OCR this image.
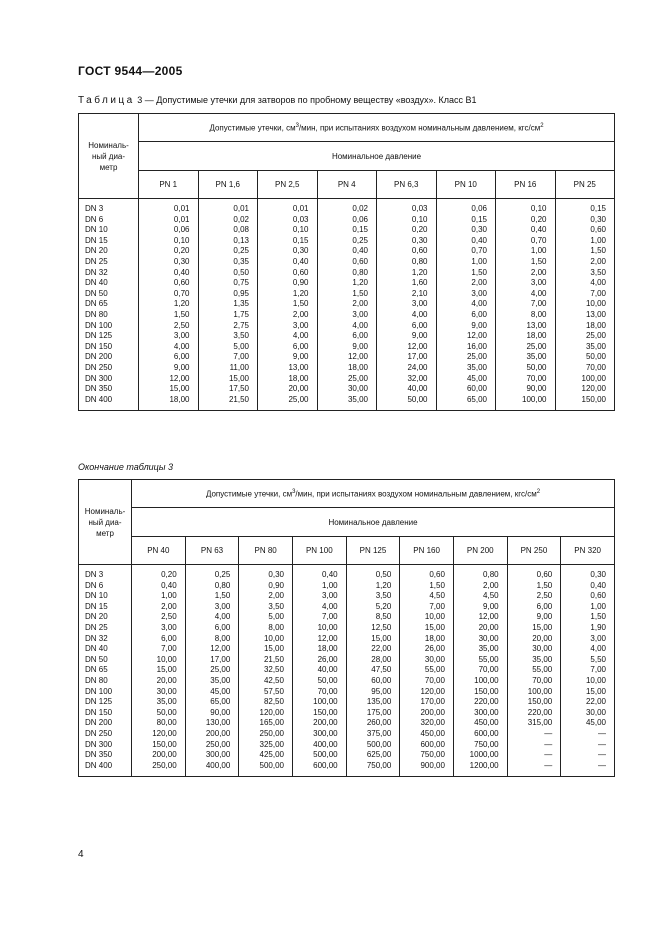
ГОСТ 9544—2005
Таблица 3 — Допустимые утечки для затворов по пробному веществу «воздух». Класс В1
Номиналь-
ный диа-
метр	Допустимые утечки, $см^3$/мин, при испытаниях воздухом номинальным давлением, кгс/$см^2$
	Номинальное давление							
	PN 1	PN 1,6	PN 2,5	PN 4	PN 6,3	PN 10	PN 16	PN 25
DN 3	0,01	0,01	0,01	0,02	0,03	0,06	0,10	0,15
DN 6	0,01	0,02	0,03	0,06	0,10	0,15	0,20	0,30
DN 10	0,06	0,08	0,10	0,15	0,20	0,30	0,40	0,60
DN 15	0,10	0,13	0,15	0,25	0,30	0,40	0,70	1,00
DN 20	0,20	0,25	0,30	0,40	0,60	0,70	1,00	1,50
DN 25	0,30	0,35	0,40	0,60	0,80	1,00	1,50	2,00
DN 32	0,40	0,50	0,60	0,80	1,20	1,50	2,00	3,50
DN 40	0,60	0,75	0,90	1,20	1,60	2,00	3,00	4,00
DN 50	0,70	0,95	1,20	1,50	2,10	3,00	4,00	7,00
DN 65	1,20	1,35	1,50	2,00	3,00	4,00	7,00	10,00
DN 80	1,50	1,75	2,00	3,00	4,00	6,00	8,00	13,00
DN 100	2,50	2,75	3,00	4,00	6,00	9,00	13,00	18,00
DN 125	3,00	3,50	4,00	6,00	9,00	12,00	18,00	25,00
DN 150	4,00	5,00	6,00	9,00	12,00	16,00	25,00	35,00
DN 200	6,00	7,00	9,00	12,00	17,00	25,00	35,00	50,00
DN 250	9,00	11,00	13,00	18,00	24,00	35,00	50,00	70,00
DN 300	12,00	15,00	18,00	25,00	32,00	45,00	70,00	100,00
DN 350	15,00	17,50	20,00	30,00	40,00	60,00	90,00	120,00
DN 400	18,00	21,50	25,00	35,00	50,00	65,00	100,00	150,00
Окончание таблицы 3
Номиналь-
ный диа-
метр	Допустимые утечки, $см^3$/мин, при испытаниях воздухом номинальным давлением, кгс/$см^2$
	Номинальное давление								
	PN 40	PN 63	PN 80	PN 100	PN 125	PN 160	PN 200	PN 250	PN 320
DN 3	0,20	0,25	0,30	0,40	0,50	0,60	0,80	0,60	0,30
DN 6	0,40	0,80	0,90	1,00	1,20	1,50	2,00	1,50	0,40
DN 10	1,00	1,50	2,00	3,00	3,50	4,50	4,50	2,50	0,60
DN 15	2,00	3,00	3,50	4,00	5,20	7,00	9,00	6,00	1,00
DN 20	2,50	4,00	5,00	7,00	8,50	10,00	12,00	9,00	1,50
DN 25	3,00	6,00	8,00	10,00	12,50	15,00	20,00	15,00	1,90
DN 32	6,00	8,00	10,00	12,00	15,00	18,00	30,00	20,00	3,00
DN 40	7,00	12,00	15,00	18,00	22,00	26,00	35,00	30,00	4,00
DN 50	10,00	17,00	21,50	26,00	28,00	30,00	55,00	35,00	5,50
DN 65	15,00	25,00	32,50	40,00	47,50	55,00	70,00	55,00	7,00
DN 80	20,00	35,00	42,50	50,00	60,00	70,00	100,00	70,00	10,00
DN 100	30,00	45,00	57,50	70,00	95,00	120,00	150,00	100,00	15,00
DN 125	35,00	65,00	82,50	100,00	135,00	170,00	220,00	150,00	22,00
DN 150	50,00	90,00	120,00	150,00	175,00	200,00	300,00	220,00	30,00
DN 200	80,00	130,00	165,00	200,00	260,00	320,00	450,00	315,00	45,00
DN 250	120,00	200,00	250,00	300,00	375,00	450,00	600,00	—	—
DN 300	150,00	250,00	325,00	400,00	500,00	600,00	750,00	—	—
DN 350	200,00	300,00	425,00	500,00	625,00	750,00	1000,00	—	—
DN 400	250,00	400,00	500,00	600,00	750,00	900,00	1200,00	—	—
4
